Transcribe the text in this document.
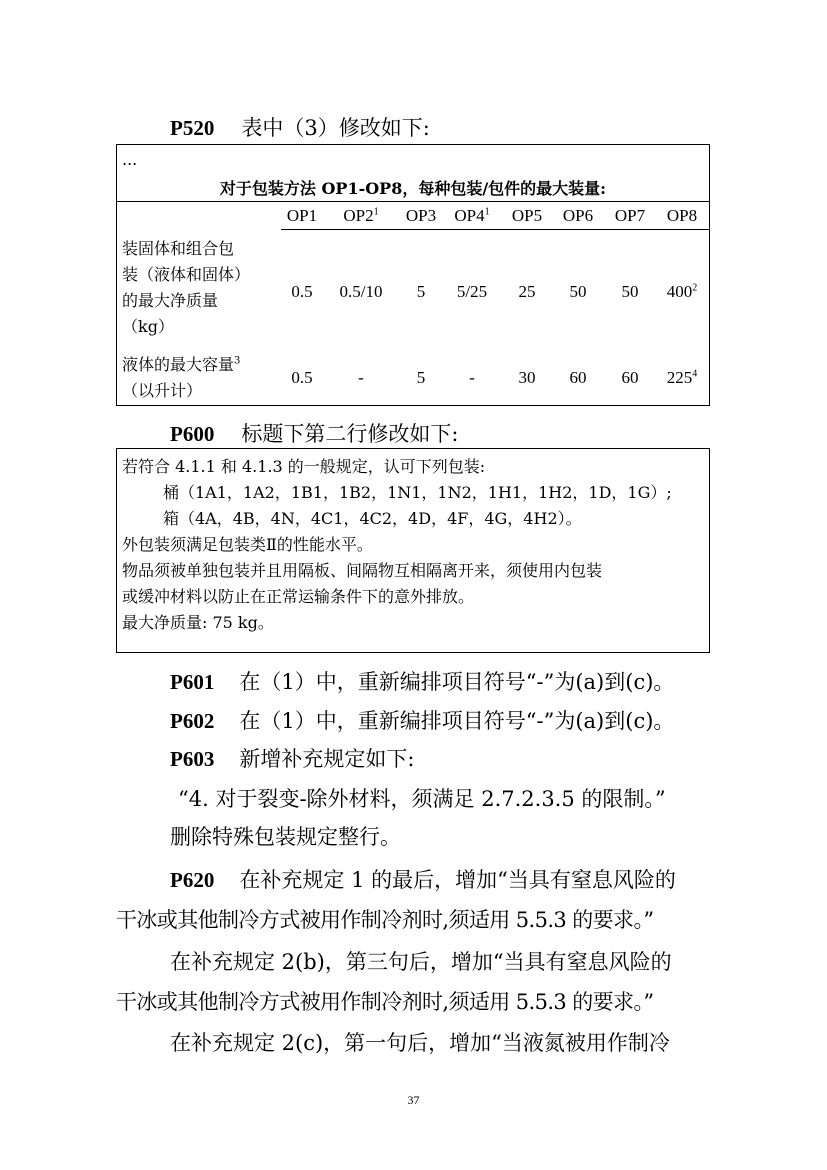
P520 表中（3）修改如下:
...
对于包装方法 OP1-OP8，每种包装/包件的最大装量:
OP1	$OP2^1$	OP3	$OP4^1$	OP5	OP6	OP7	OP8
装固体和组合包
装（液体和固体）
的最大净质量
（kg）
0.5	0.5/10	5	5/25	25	50	50	$400^2$
液体的最大容量$^3$
（以升计）
0.5	-	5	-	30	60	60	$225^4$
P600 标题下第二行修改如下:
若符合 4.1.1 和 4.1.3 的一般规定，认可下列包装:
桶（1A1，1A2，1B1，1B2，1N1，1N2，1H1，1H2，1D，1G）;
箱（4A，4B，4N，4C1，4C2，4D，4F，4G，4H2）。
外包装须满足包装类Ⅱ的性能水平。
物品须被单独包装并且用隔板、间隔物互相隔离开来，须使用内包装
或缓冲材料以防止在正常运输条件下的意外排放。
最大净质量: 75 kg。
P601 在（1）中，重新编排项目符号“-”为(a)到(c)。
P602 在（1）中，重新编排项目符号“-”为(a)到(c)。
P603 新增补充规定如下:
“4. 对于裂变-除外材料，须满足 2.7.2.3.5 的限制。”
删除特殊包装规定整行。
P620 在补充规定 1 的最后，增加“当具有窒息风险的
干冰或其他制冷方式被用作制冷剂时,须适用 5.5.3 的要求。”
在补充规定 2(b)，第三句后，增加“当具有窒息风险的
干冰或其他制冷方式被用作制冷剂时,须适用 5.5.3 的要求。”
在补充规定 2(c)，第一句后，增加“当液氮被用作制冷
37
